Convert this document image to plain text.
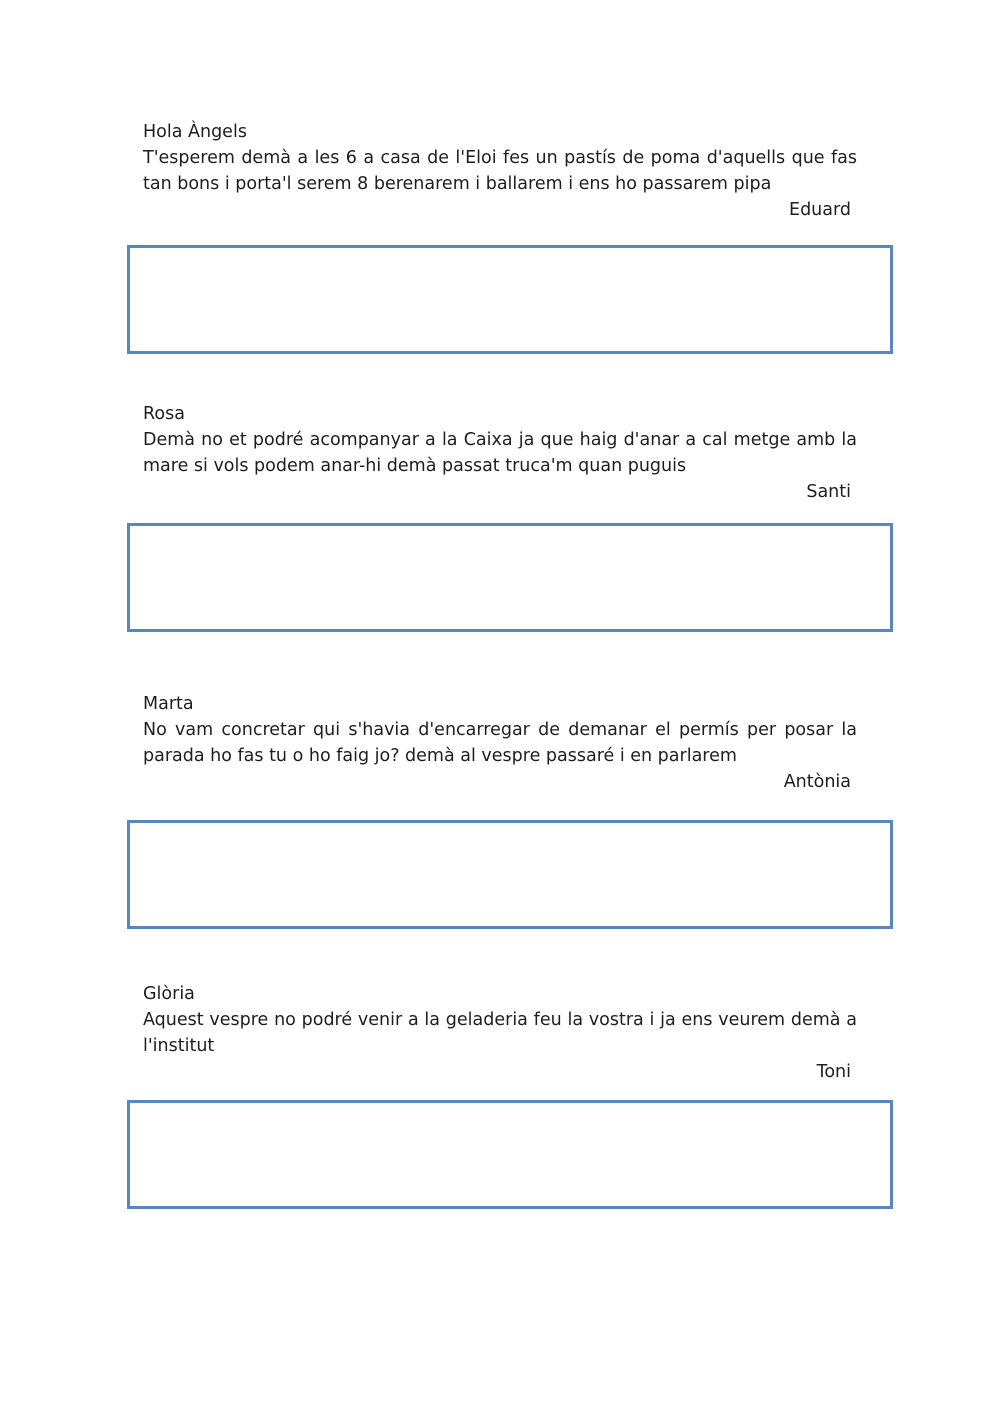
Hola Àngels

T'esperem demà a les 6 a casa de l'Eloi fes un pastís de poma d'aquells que fas tan bons i porta'l serem 8 berenarem i ballarem i ens ho passarem pipa

Eduard

Rosa

Demà no et podré acompanyar a la Caixa ja que haig d'anar a cal metge amb la mare si vols podem anar-hi demà passat truca'm quan puguis

Santi

Marta

No vam concretar qui s'havia d'encarregar de demanar el permís per posar la parada ho fas tu o ho faig jo? demà al vespre passaré i en parlarem

Antònia

Glòria

Aquest vespre no podré venir a la geladeria feu la vostra i ja ens veurem demà a l'institut

Toni
